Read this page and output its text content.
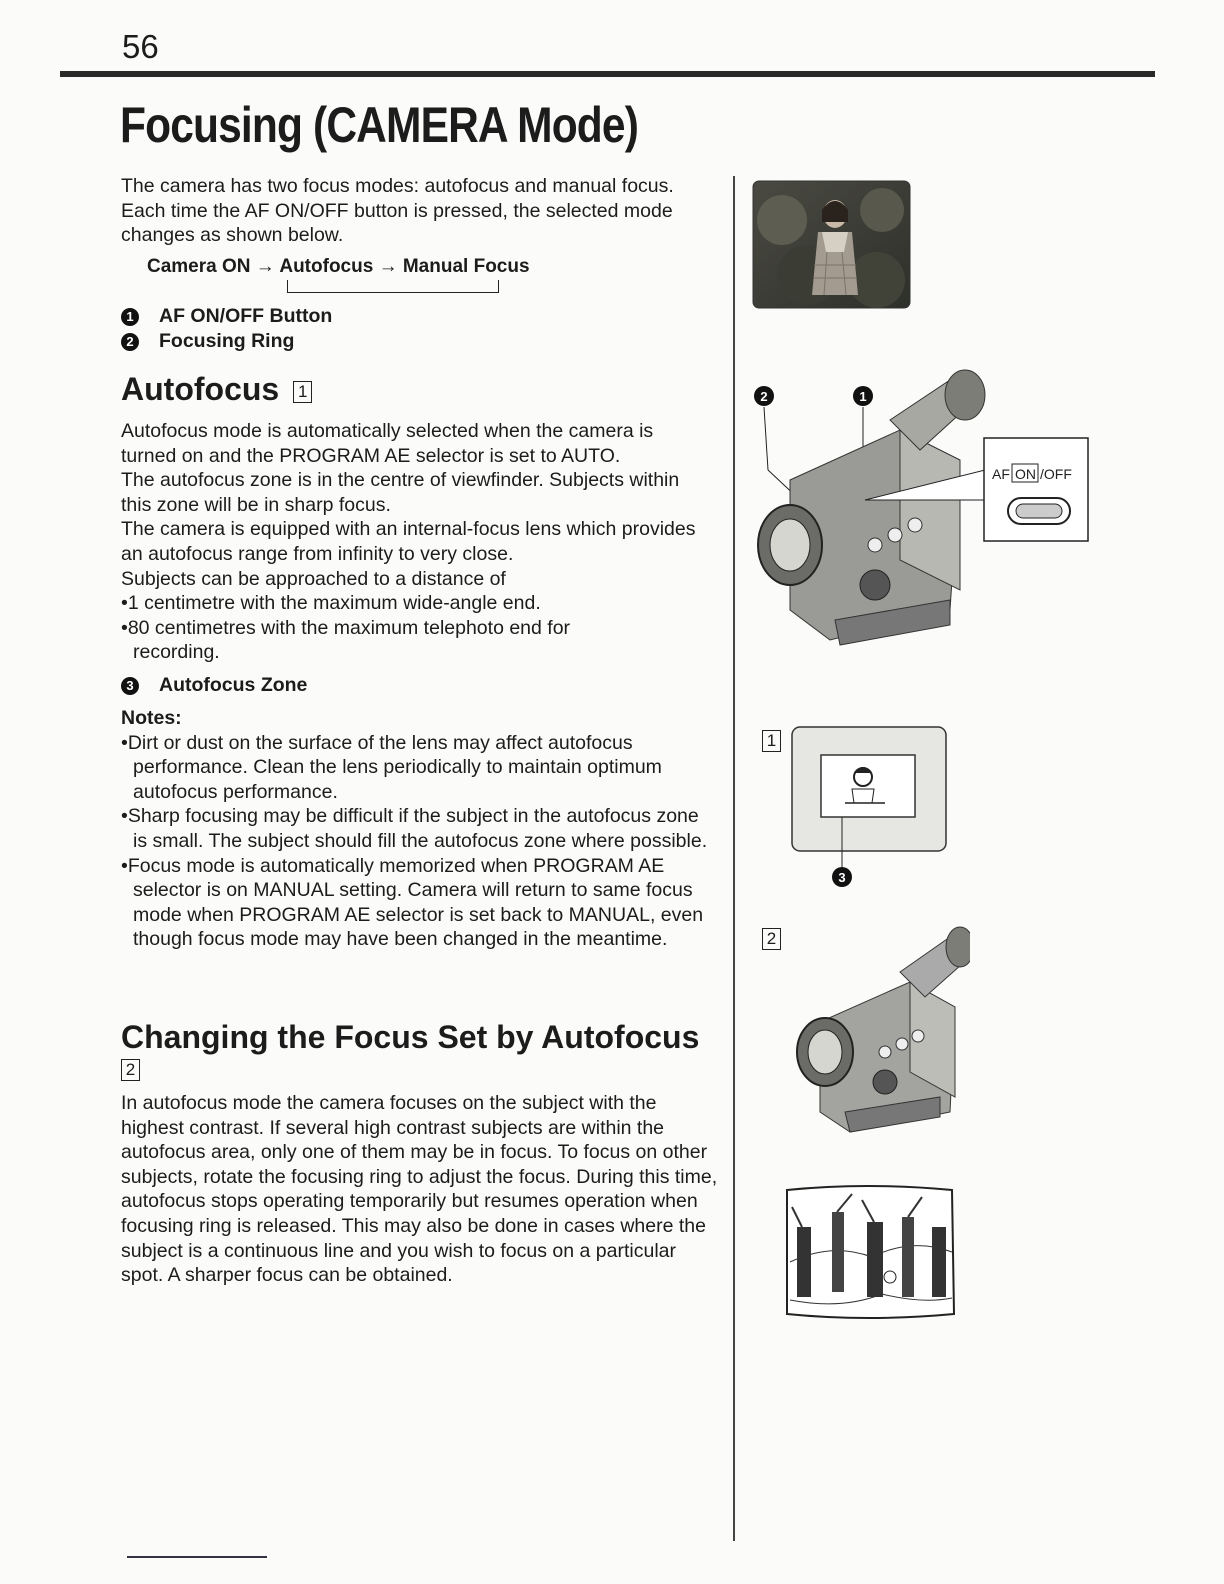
56
Focusing (CAMERA Mode)
The camera has two focus modes: autofocus and manual focus. Each time the AF ON/OFF button is pressed, the selected mode changes as shown below.
Camera ON → Autofocus → Manual Focus
1 AF ON/OFF Button
2 Focusing Ring
Autofocus 1

Autofocus mode is automatically selected when the camera is turned on and the PROGRAM AE selector is set to AUTO.

The autofocus zone is in the centre of viewfinder. Subjects within this zone will be in sharp focus.

The camera is equipped with an internal-focus lens which provides an autofocus range from infinity to very close.

Subjects can be approached to a distance of

•1 centimetre with the maximum wide-angle end.

•80 centimetres with the maximum telephoto end for recording.

3 Autofocus Zone

Notes:

•Dirt or dust on the surface of the lens may affect autofocus performance. Clean the lens periodically to maintain optimum autofocus performance.

•Sharp focusing may be difficult if the subject in the autofocus zone is small. The subject should fill the autofocus zone where possible.

•Focus mode is automatically memorized when PROGRAM AE selector is on MANUAL setting. Camera will return to same focus mode when PROGRAM AE selector is set back to MANUAL, even though focus mode may have been changed in the meantime.

Changing the Focus Set by Autofocus
2
In autofocus mode the camera focuses on the subject with the highest contrast. If several high contrast subjects are within the autofocus area, only one of them may be in focus. To focus on other subjects, rotate the focusing ring to adjust the focus. During this time, autofocus stops operating temporarily but resumes operation when focusing ring is released. This may also be done in cases where the subject is a continuous line and you wish to focus on a particular spot. A sharper focus can be obtained.
2	1
AF ON /OFF
1
3
2
